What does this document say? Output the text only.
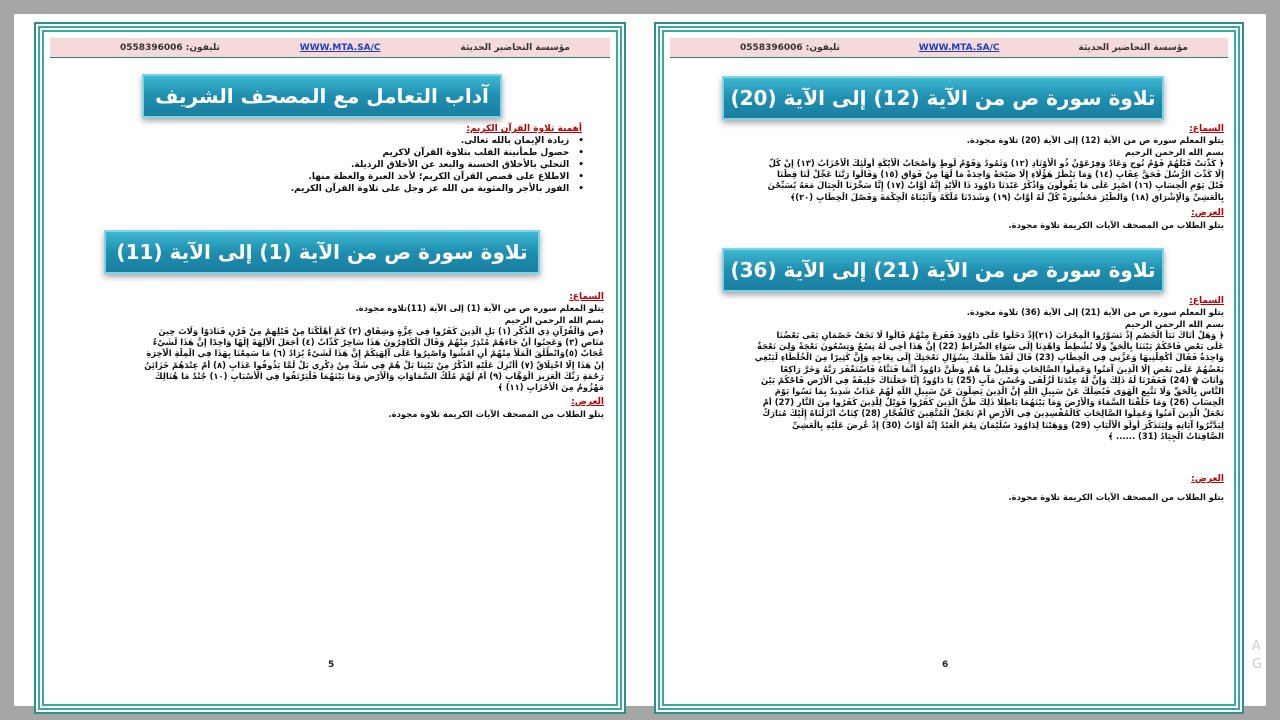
مؤسسة التحاضير الحديثة
WWW.MTA.SA/C
تليفون: 0558396006
آداب التعامل مع المصحف الشريف
أهمية تلاوة القرآن الكريم:
• زيادة الإيمان بالله تعالى.
• حصول طمأنينة القلب بتلاوة القرآن لاكريم
• التحلي بالأخلاق الحسنة والبعد عن الأخلاق الرذيلة.
• الاطلاع على قصص القرآن الكريم؛ لأخذ العبرة والعظة منها.
• الفوز بالأجر والمثوبة من الله عز وجل على تلاوة القرآن الكريم.
تلاوة سورة ص من الآية (1) إلى الآية (11)
السماع:
يتلو المعلم سورة ص من الآية (1) إلى الآية (11)تلاوة مجودة.
بسم الله الرحمن الرحيم
﴿ص وَالْقُرْآنِ ذِي الذِّكْرِ (١) بَلِ الَّذِينَ كَفَرُوا فِي عِزَّةٍ وَشِقَاقٍ (٢) كَمْ أَهْلَكْنَا مِنْ قَبْلِهِمْ مِنْ قَرْنٍ فَنَادَوْا وَلَاتَ حِينَ
مَنَاصٍ (٣) وَعَجِبُوا أَنْ جَاءَهُمْ مُنْذِرٌ مِنْهُمْ وَقَالَ الْكَافِرُونَ هَذَا سَاحِرٌ كَذَّابٌ (٤) أَجَعَلَ الْآلِهَةَ إِلَهًا وَاحِدًا إِنَّ هَذَا لَشَيْءٌ
عُجَابٌ (٥)وَانْطَلَقَ الْمَلَأُ مِنْهُمْ أَنِ امْشُوا وَاصْبِرُوا عَلَى آلِهَتِكُمْ إِنَّ هَذَا لَشَيْءٌ يُرَادُ (٦) مَا سَمِعْنَا بِهَذَا فِي الْمِلَّةِ الْآخِرَةِ
إِنْ هَذَا إِلَّا اخْتِلَاقٌ (٧) أَأُنْزِلَ عَلَيْهِ الذِّكْرُ مِنْ بَيْنِنَا بَلْ هُمْ فِي شَكٍّ مِنْ ذِكْرِي بَلْ لَمَّا يَذُوقُوا عَذَابِ (٨) أَمْ عِنْدَهُمْ خَزَائِنُ
رَحْمَةِ رَبِّكَ الْعَزِيزِ الْوَهَّابِ (٩) أَمْ لَهُمْ مُلْكُ السَّمَاوَاتِ وَالْأَرْضِ وَمَا بَيْنَهُمَا فَلْيَرْتَقُوا فِي الْأَسْبَابِ (١٠) جُنْدٌ مَا هُنَالِكَ
مَهْزُومٌ مِنَ الْأَحْزَابِ (١١) ﴾
العرض:
يتلو الطلاب من المصحف الآيات الكريمة تلاوة مجودة.
5
مؤسسة التحاضير الحديثة
WWW.MTA.SA/C
تليفون: 0558396006
تلاوة سورة ص من الآية (12) إلى الآية (20)
السماع:
يتلو المعلم سورة ص من الآية (12) إلى الآية (20) تلاوة مجودة.
بسم الله الرحمن الرحيم
﴿ كَذَّبَتْ قَبْلَهُمْ قَوْمُ نُوحٍ وَعَادٌ وَفِرْعَوْنُ ذُو الْأَوْتَادِ (١٢) وَثَمُودُ وَقَوْمُ لُوطٍ وَأَصْحَابُ الْأَيْكَةِ أُولَئِكَ الْأَحْزَابُ (١٣) إِنْ كُلٌّ
إِلَّا كَذَّبَ الرُّسُلَ فَحَقَّ عِقَابِ (١٤) وَمَا يَنْظُرُ هَؤُلَاءِ إِلَّا صَيْحَةً وَاحِدَةً مَا لَهَا مِنْ فَوَاقٍ (١٥) وَقَالُوا رَبَّنَا عَجِّلْ لَنَا قِطَّنَا
قَبْلَ يَوْمِ الْحِسَابِ (١٦) اصْبِرْ عَلَى مَا يَقُولُونَ وَاذْكُرْ عَبْدَنَا دَاوُودَ ذَا الْأَيْدِ إِنَّهُ أَوَّابٌ (١٧) إِنَّا سَخَّرْنَا الْجِبَالَ مَعَهُ يُسَبِّحْنَ
بِالْعَشِيِّ وَالْإِشْرَاقِ (١٨) وَالطَّيْرَ مَحْشُورَةً كُلٌّ لَهُ أَوَّابٌ (١٩) وَشَدَدْنَا مُلْكَهُ وَآتَيْنَاهُ الْحِكْمَةَ وَفَصْلَ الْخِطَابِ (٢٠)﴾
العرض:
يتلو الطلاب من المصحف الآيات الكريمة تلاوة مجودة.
تلاوة سورة ص من الآية (21) إلى الآية (36)
السماع:
يتلو المعلم سورة ص من الآية (21) إلى الآية (36) تلاوة مجودة.
بسم الله الرحمن الرحيم
﴿ وَهَلْ أَتَاكَ نَبَأُ الْخَصْمِ إِذْ تَسَوَّرُوا الْمِحْرَابَ (٢١)إِذْ دَخَلُوا عَلَى دَاوُودَ فَفَزِعَ مِنْهُمْ قَالُوا لَا تَخَفْ خَصْمَانِ بَغَى بَعْضُنَا
عَلَى بَعْضٍ فَاحْكُمْ بَيْنَنَا بِالْحَقِّ وَلَا تُشْطِطْ وَاهْدِنَا إِلَى سَوَاءِ الصِّرَاطِ (22) إِنَّ هَذَا أَخِي لَهُ تِسْعٌ وَتِسْعُونَ نَعْجَةً وَلِيَ نَعْجَةٌ
وَاحِدَةٌ فَقَالَ أَكْفِلْنِيهَا وَعَزَّنِي فِي الْخِطَابِ (23) قَالَ لَقَدْ ظَلَمَكَ بِسُؤَالِ نَعْجَتِكَ إِلَى نِعَاجِهِ وَإِنَّ كَثِيرًا مِنَ الْخُلَطَاءِ لَيَبْغِي
بَعْضُهُمْ عَلَى بَعْضٍ إِلَّا الَّذِينَ آمَنُوا وَعَمِلُوا الصَّالِحَاتِ وَقَلِيلٌ مَا هُمْ وَظَنَّ دَاوُودُ أَنَّمَا فَتَنَّاهُ فَاسْتَغْفَرَ رَبَّهُ وَخَرَّ رَاكِعًا
وَأَنَابَ ۩ (24) فَغَفَرْنَا لَهُ ذَلِكَ وَإِنَّ لَهُ عِنْدَنَا لَزُلْفَى وَحُسْنَ مَآبٍ (25) يَا دَاوُودُ إِنَّا جَعَلْنَاكَ خَلِيفَةً فِي الْأَرْضِ فَاحْكُمْ بَيْنَ
النَّاسِ بِالْحَقِّ وَلَا تَتَّبِعِ الْهَوَى فَيُضِلَّكَ عَنْ سَبِيلِ اللَّهِ إِنَّ الَّذِينَ يَضِلُّونَ عَنْ سَبِيلِ اللَّهِ لَهُمْ عَذَابٌ شَدِيدٌ بِمَا نَسُوا يَوْمَ
الْحِسَابِ (26) وَمَا خَلَقْنَا السَّمَاءَ وَالْأَرْضَ وَمَا بَيْنَهُمَا بَاطِلًا ذَلِكَ ظَنُّ الَّذِينَ كَفَرُوا فَوَيْلٌ لِلَّذِينَ كَفَرُوا مِنَ النَّارِ (27) أَمْ
نَجْعَلُ الَّذِينَ آمَنُوا وَعَمِلُوا الصَّالِحَاتِ كَالْمُفْسِدِينَ فِي الْأَرْضِ أَمْ نَجْعَلُ الْمُتَّقِينَ كَالْفُجَّارِ (28) كِتَابٌ أَنْزَلْنَاهُ إِلَيْكَ مُبَارَكٌ
لِيَدَّبَّرُوا آيَاتِهِ وَلِيَتَذَكَّرَ أُولُو الْأَلْبَابِ (29) وَوَهَبْنَا لِدَاوُودَ سُلَيْمَانَ نِعْمَ الْعَبْدُ إِنَّهُ أَوَّابٌ (30) إِذْ عُرِضَ عَلَيْهِ بِالْعَشِيِّ
الصَّافِنَاتُ الْجِيَادُ (31) ...... ﴾
العرض:
يتلو الطلاب من المصحف الآيات الكريمة تلاوة مجودة.
6
A
G
